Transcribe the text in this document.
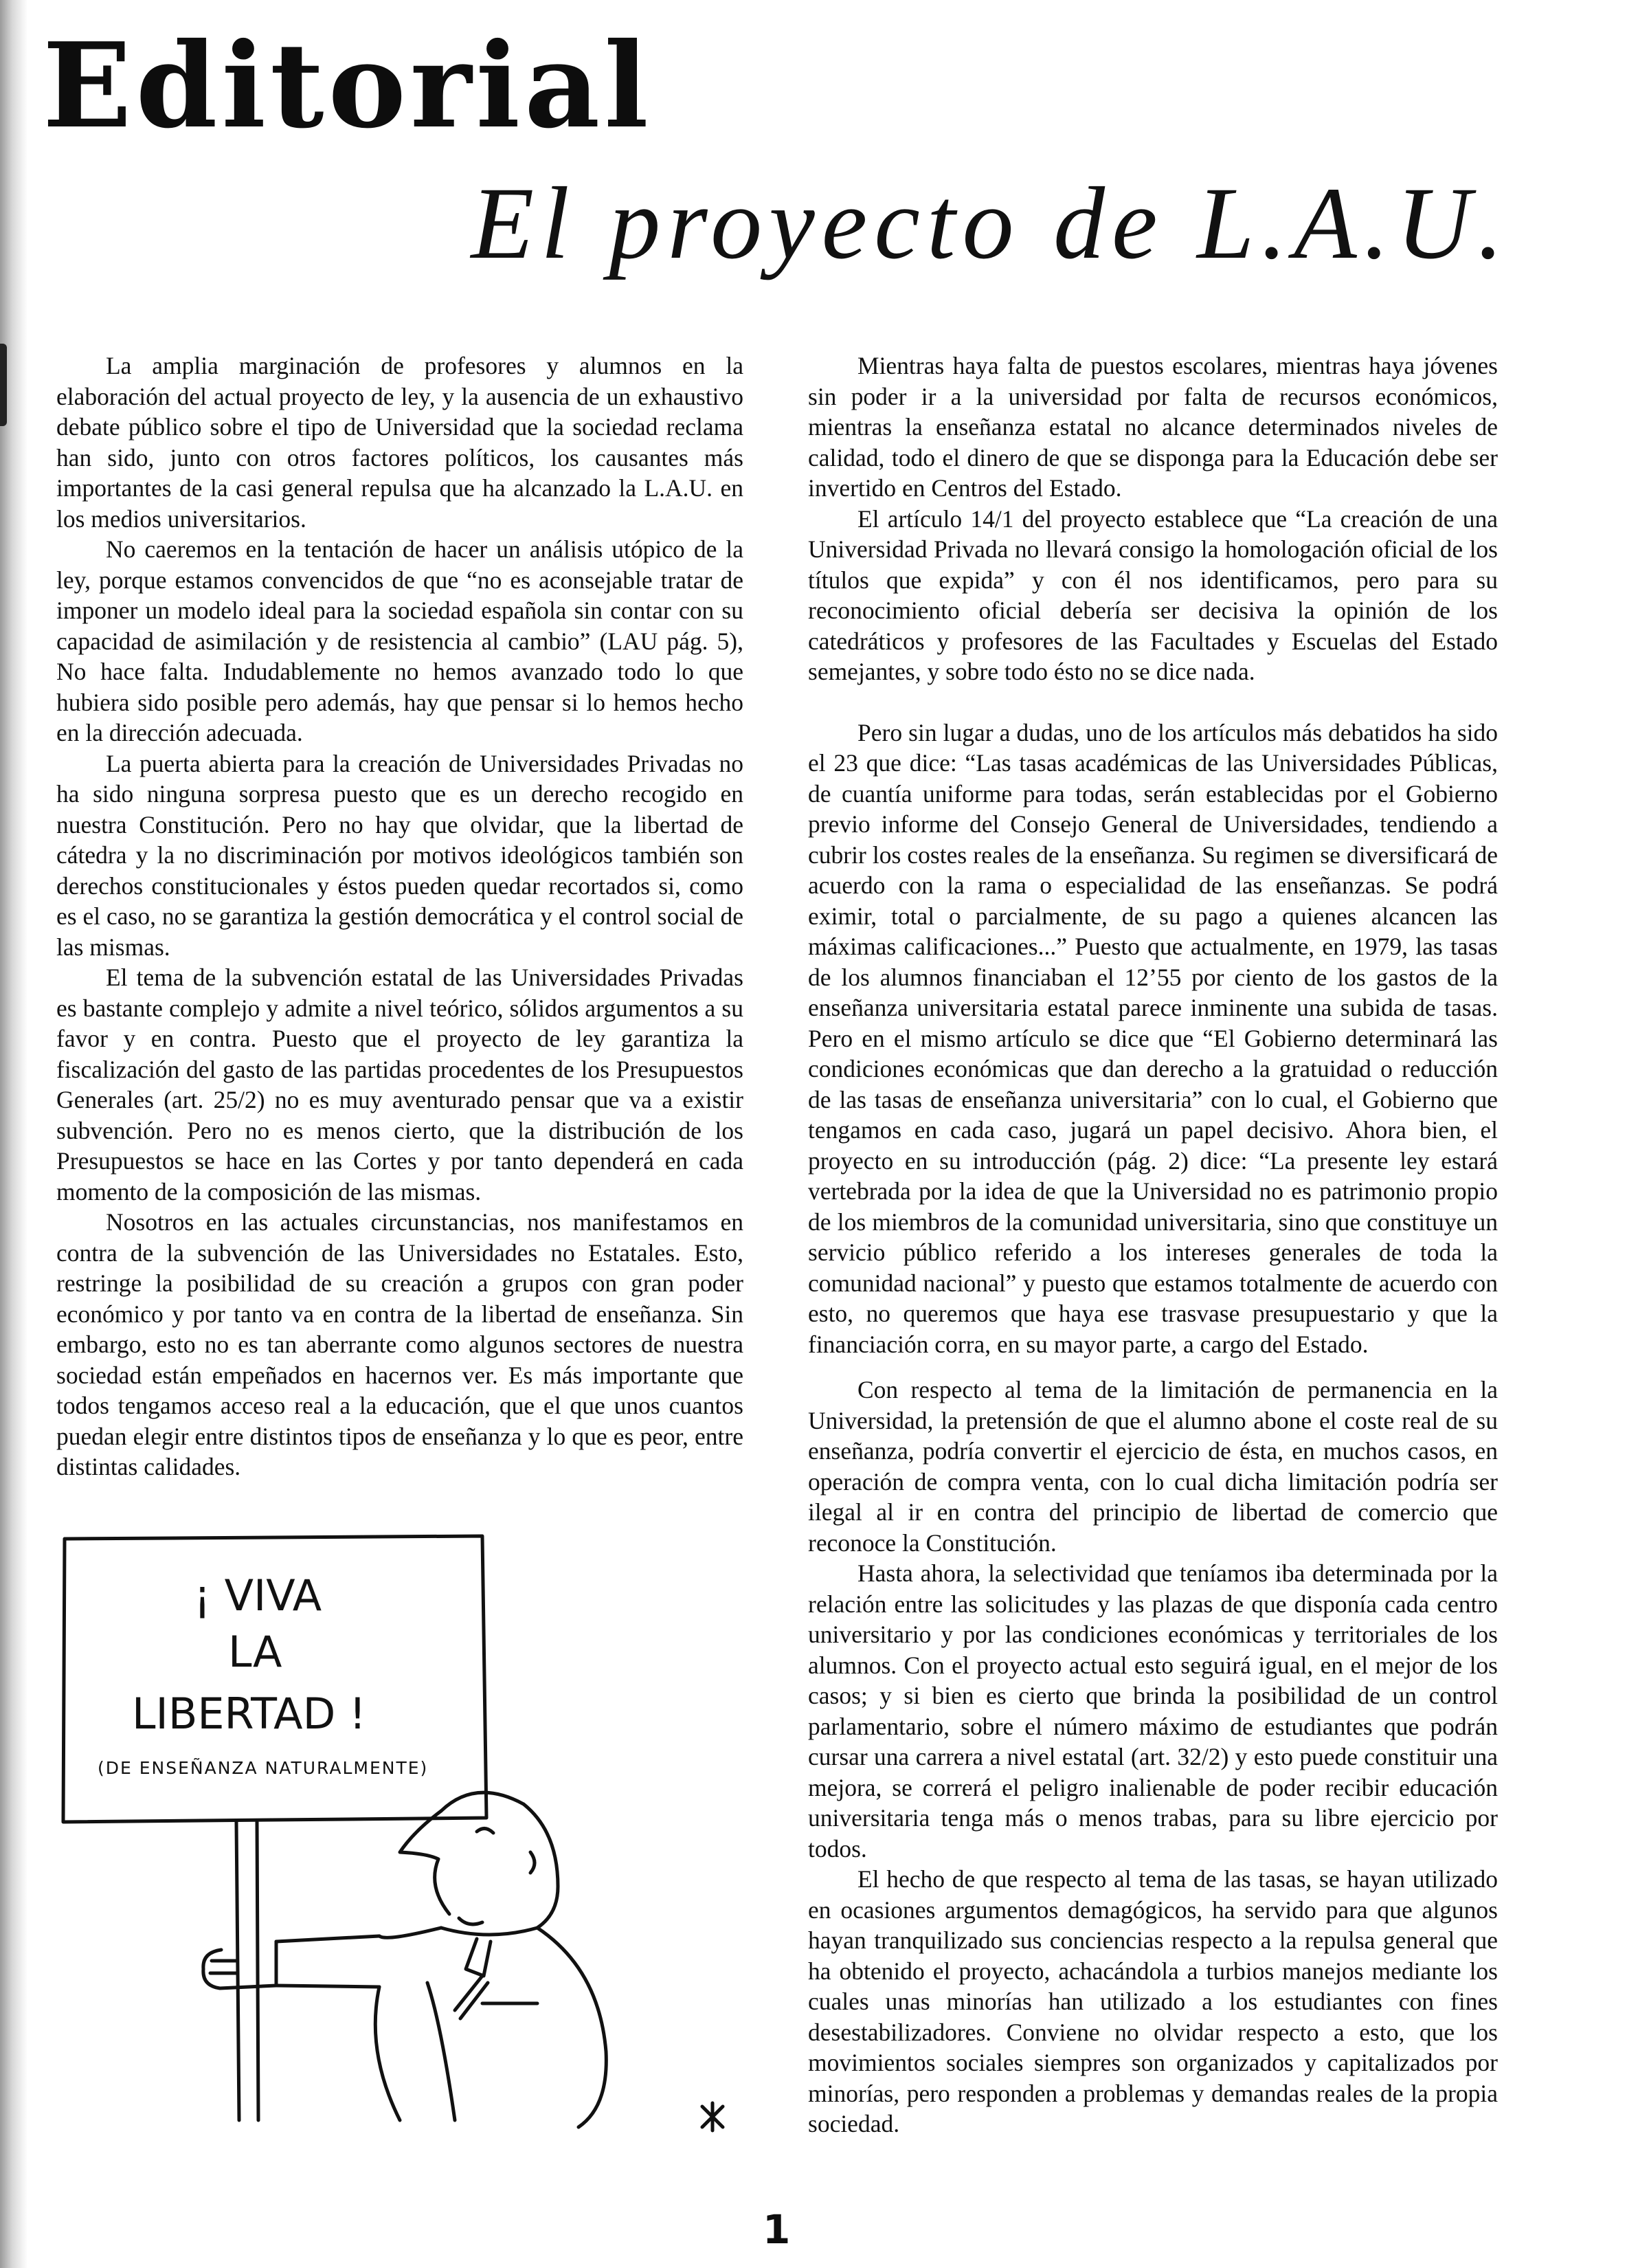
Editorial
El proyecto de L.A.U.

La amplia marginación de profesores y alumnos en la elaboración del actual proyecto de ley, y la ausencia de un exhaustivo debate público sobre el tipo de Universidad que la sociedad reclama han sido, junto con otros factores políticos, los causantes más importantes de la casi general repulsa que ha alcanzado la L.A.U. en los medios universitarios.

No caeremos en la tentación de hacer un análisis utópico de la ley, porque estamos convencidos de que “no es aconsejable tratar de imponer un modelo ideal para la sociedad española sin contar con su capacidad de asimilación y de resistencia al cambio” (LAU pág. 5), No hace falta. Indudablemente no hemos avanzado todo lo que hubiera sido posible pero además, hay que pensar si lo hemos hecho en la dirección adecuada.

La puerta abierta para la creación de Universidades Privadas no ha sido ninguna sorpresa puesto que es un derecho recogido en nuestra Constitución. Pero no hay que olvidar, que la libertad de cátedra y la no discriminación por motivos ideológicos también son derechos constitucionales y éstos pueden quedar recortados si, como es el caso, no se garantiza la gestión democrática y el control social de las mismas.

El tema de la subvención estatal de las Universidades Privadas es bastante complejo y admite a nivel teórico, sólidos argumentos a su favor y en contra. Puesto que el proyecto de ley garantiza la fiscalización del gasto de las partidas procedentes de los Presupuestos Generales (art. 25/2) no es muy aventurado pensar que va a existir subvención. Pero no es menos cierto, que la distribución de los Presupuestos se hace en las Cortes y por tanto dependerá en cada momento de la composición de las mismas.

Nosotros en las actuales circunstancias, nos manifestamos en contra de la subvención de las Universidades no Estatales. Esto, restringe la posibilidad de su creación a grupos con gran poder económico y por tanto va en contra de la libertad de enseñanza. Sin embargo, esto no es tan aberrante como algunos sectores de nuestra sociedad están empeñados en hacernos ver. Es más importante que todos tengamos acceso real a la educación, que el que unos cuantos puedan elegir entre distintos tipos de enseñanza y lo que es peor, entre distintas calidades.

Mientras haya falta de puestos escolares, mientras haya jóvenes sin poder ir a la universidad por falta de recursos económicos, mientras la enseñanza estatal no alcance determinados niveles de calidad, todo el dinero de que se disponga para la Educación debe ser invertido en Centros del Estado.

El artículo 14/1 del proyecto establece que “La creación de una Universidad Privada no llevará consigo la homologación oficial de los títulos que expida” y con él nos identificamos, pero para su reconocimiento oficial debería ser decisiva la opinión de los catedráticos y profesores de las Facultades y Escuelas del Estado semejantes, y sobre todo ésto no se dice nada.

Pero sin lugar a dudas, uno de los artículos más debatidos ha sido el 23 que dice: “Las tasas académicas de las Universidades Públicas, de cuantía uniforme para todas, serán establecidas por el Gobierno previo informe del Consejo General de Universidades, tendiendo a cubrir los costes reales de la enseñanza. Su regimen se diversificará de acuerdo con la rama o especialidad de las enseñanzas. Se podrá eximir, total o parcialmente, de su pago a quienes alcancen las máximas calificaciones...” Puesto que actualmente, en 1979, las tasas de los alumnos financiaban el 12’55 por ciento de los gastos de la enseñanza universitaria estatal parece inminente una subida de tasas. Pero en el mismo artículo se dice que “El Gobierno determinará las condiciones económicas que dan derecho a la gratuidad o reducción de las tasas de enseñanza universitaria” con lo cual, el Gobierno que tengamos en cada caso, jugará un papel decisivo. Ahora bien, el proyecto en su introducción (pág. 2) dice: “La presente ley estará vertebrada por la idea de que la Universidad no es patrimonio propio de los miembros de la comunidad universitaria, sino que constituye un servicio público referido a los intereses generales de toda la comunidad nacional” y puesto que estamos totalmente de acuerdo con esto, no queremos que haya ese trasvase presupuestario y que la financiación corra, en su mayor parte, a cargo del Estado.

Con respecto al tema de la limitación de permanencia en la Universidad, la pretensión de que el alumno abone el coste real de su enseñanza, podría convertir el ejercicio de ésta, en muchos casos, en operación de compra venta, con lo cual dicha limitación podría ser ilegal al ir en contra del principio de libertad de comercio que reconoce la Constitución.

Hasta ahora, la selectividad que teníamos iba determinada por la relación entre las solicitudes y las plazas de que disponía cada centro universitario y por las condiciones económicas y territoriales de los alumnos. Con el proyecto actual esto seguirá igual, en el mejor de los casos; y si bien es cierto que brinda la posibilidad de un control parlamentario, sobre el número máximo de estudiantes que podrán cursar una carrera a nivel estatal (art. 32/2) y esto puede constituir una mejora, se correrá el peligro inalienable de poder recibir educación universitaria tenga más o menos trabas, para su libre ejercicio por todos.

El hecho de que respecto al tema de las tasas, se hayan utilizado en ocasiones argumentos demagógicos, ha servido para que algunos hayan tranquilizado sus conciencias respecto a la repulsa general que ha obtenido el proyecto, achacándola a turbios manejos mediante los cuales unas minorías han utilizado a los estudiantes con fines desestabilizadores. Conviene no olvidar respecto a esto, que los movimientos sociales siempres son organizados y capitalizados por minorías, pero responden a problemas y demandas reales de la propia sociedad.

¡ VIVA
LA
LIBERTAD !
(DE ENSEÑANZA NATURALMENTE)
1
